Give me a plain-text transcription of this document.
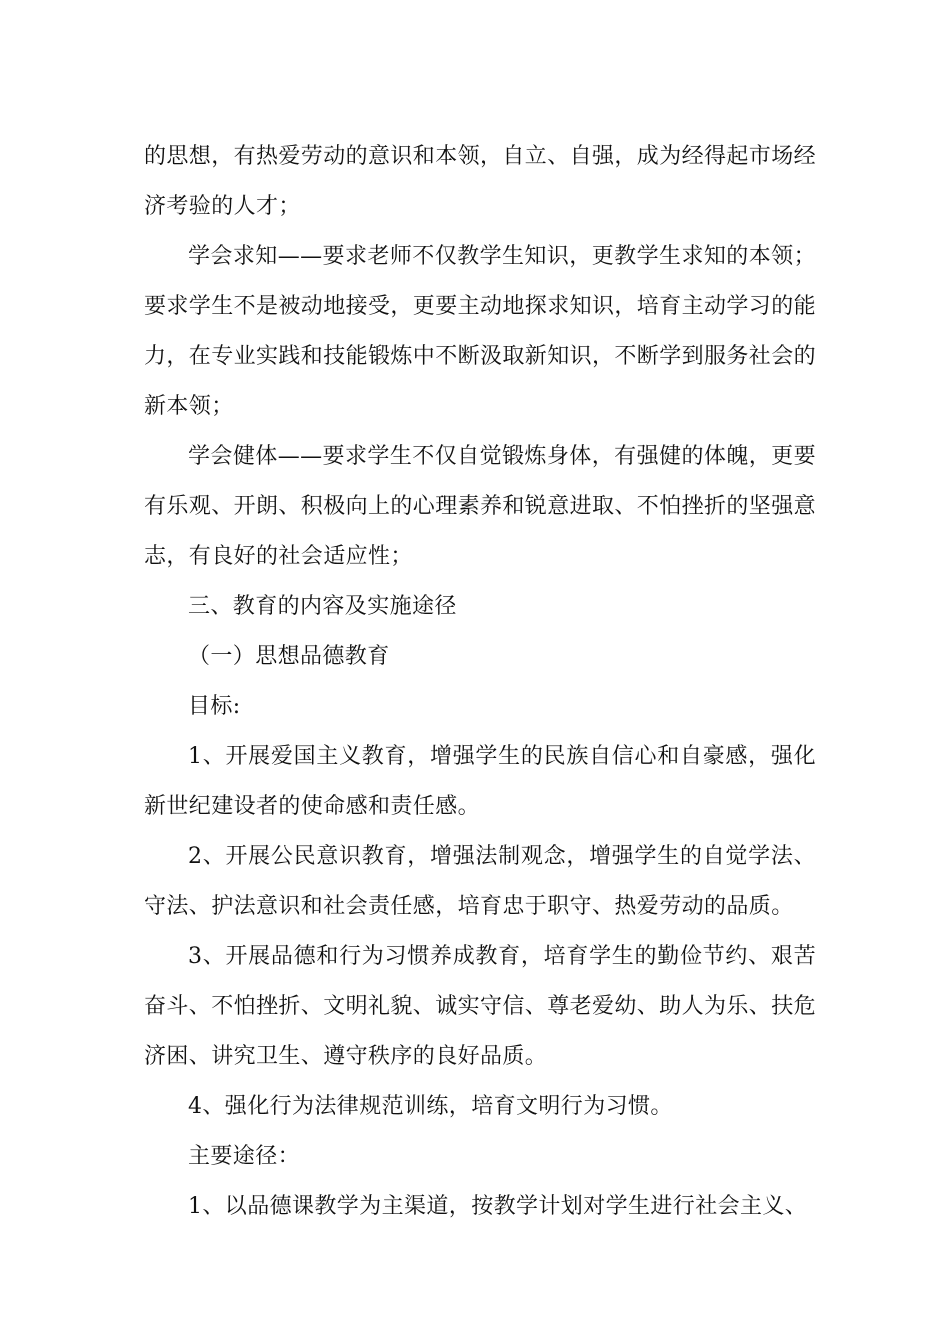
的思想，有热爱劳动的意识和本领，自立、自强，成为经得起市场经济考验的人才；

学会求知——要求老师不仅教学生知识，更教学生求知的本领；要求学生不是被动地接受，更要主动地探求知识，培育主动学习的能力，在专业实践和技能锻炼中不断汲取新知识，不断学到服务社会的新本领；

学会健体——要求学生不仅自觉锻炼身体，有强健的体魄，更要有乐观、开朗、积极向上的心理素养和锐意进取、不怕挫折的坚强意志，有良好的社会适应性；

三、教育的内容及实施途径

（一）思想品德教育

目标:

1、开展爱国主义教育，增强学生的民族自信心和自豪感，强化新世纪建设者的使命感和责任感。

2、开展公民意识教育，增强法制观念，增强学生的自觉学法、守法、护法意识和社会责任感，培育忠于职守、热爱劳动的品质。

3、开展品德和行为习惯养成教育，培育学生的勤俭节约、艰苦奋斗、不怕挫折、文明礼貌、诚实守信、尊老爱幼、助人为乐、扶危济困、讲究卫生、遵守秩序的良好品质。

4、强化行为法律规范训练，培育文明行为习惯。

主要途径：

1、以品德课教学为主渠道，按教学计划对学生进行社会主义、
